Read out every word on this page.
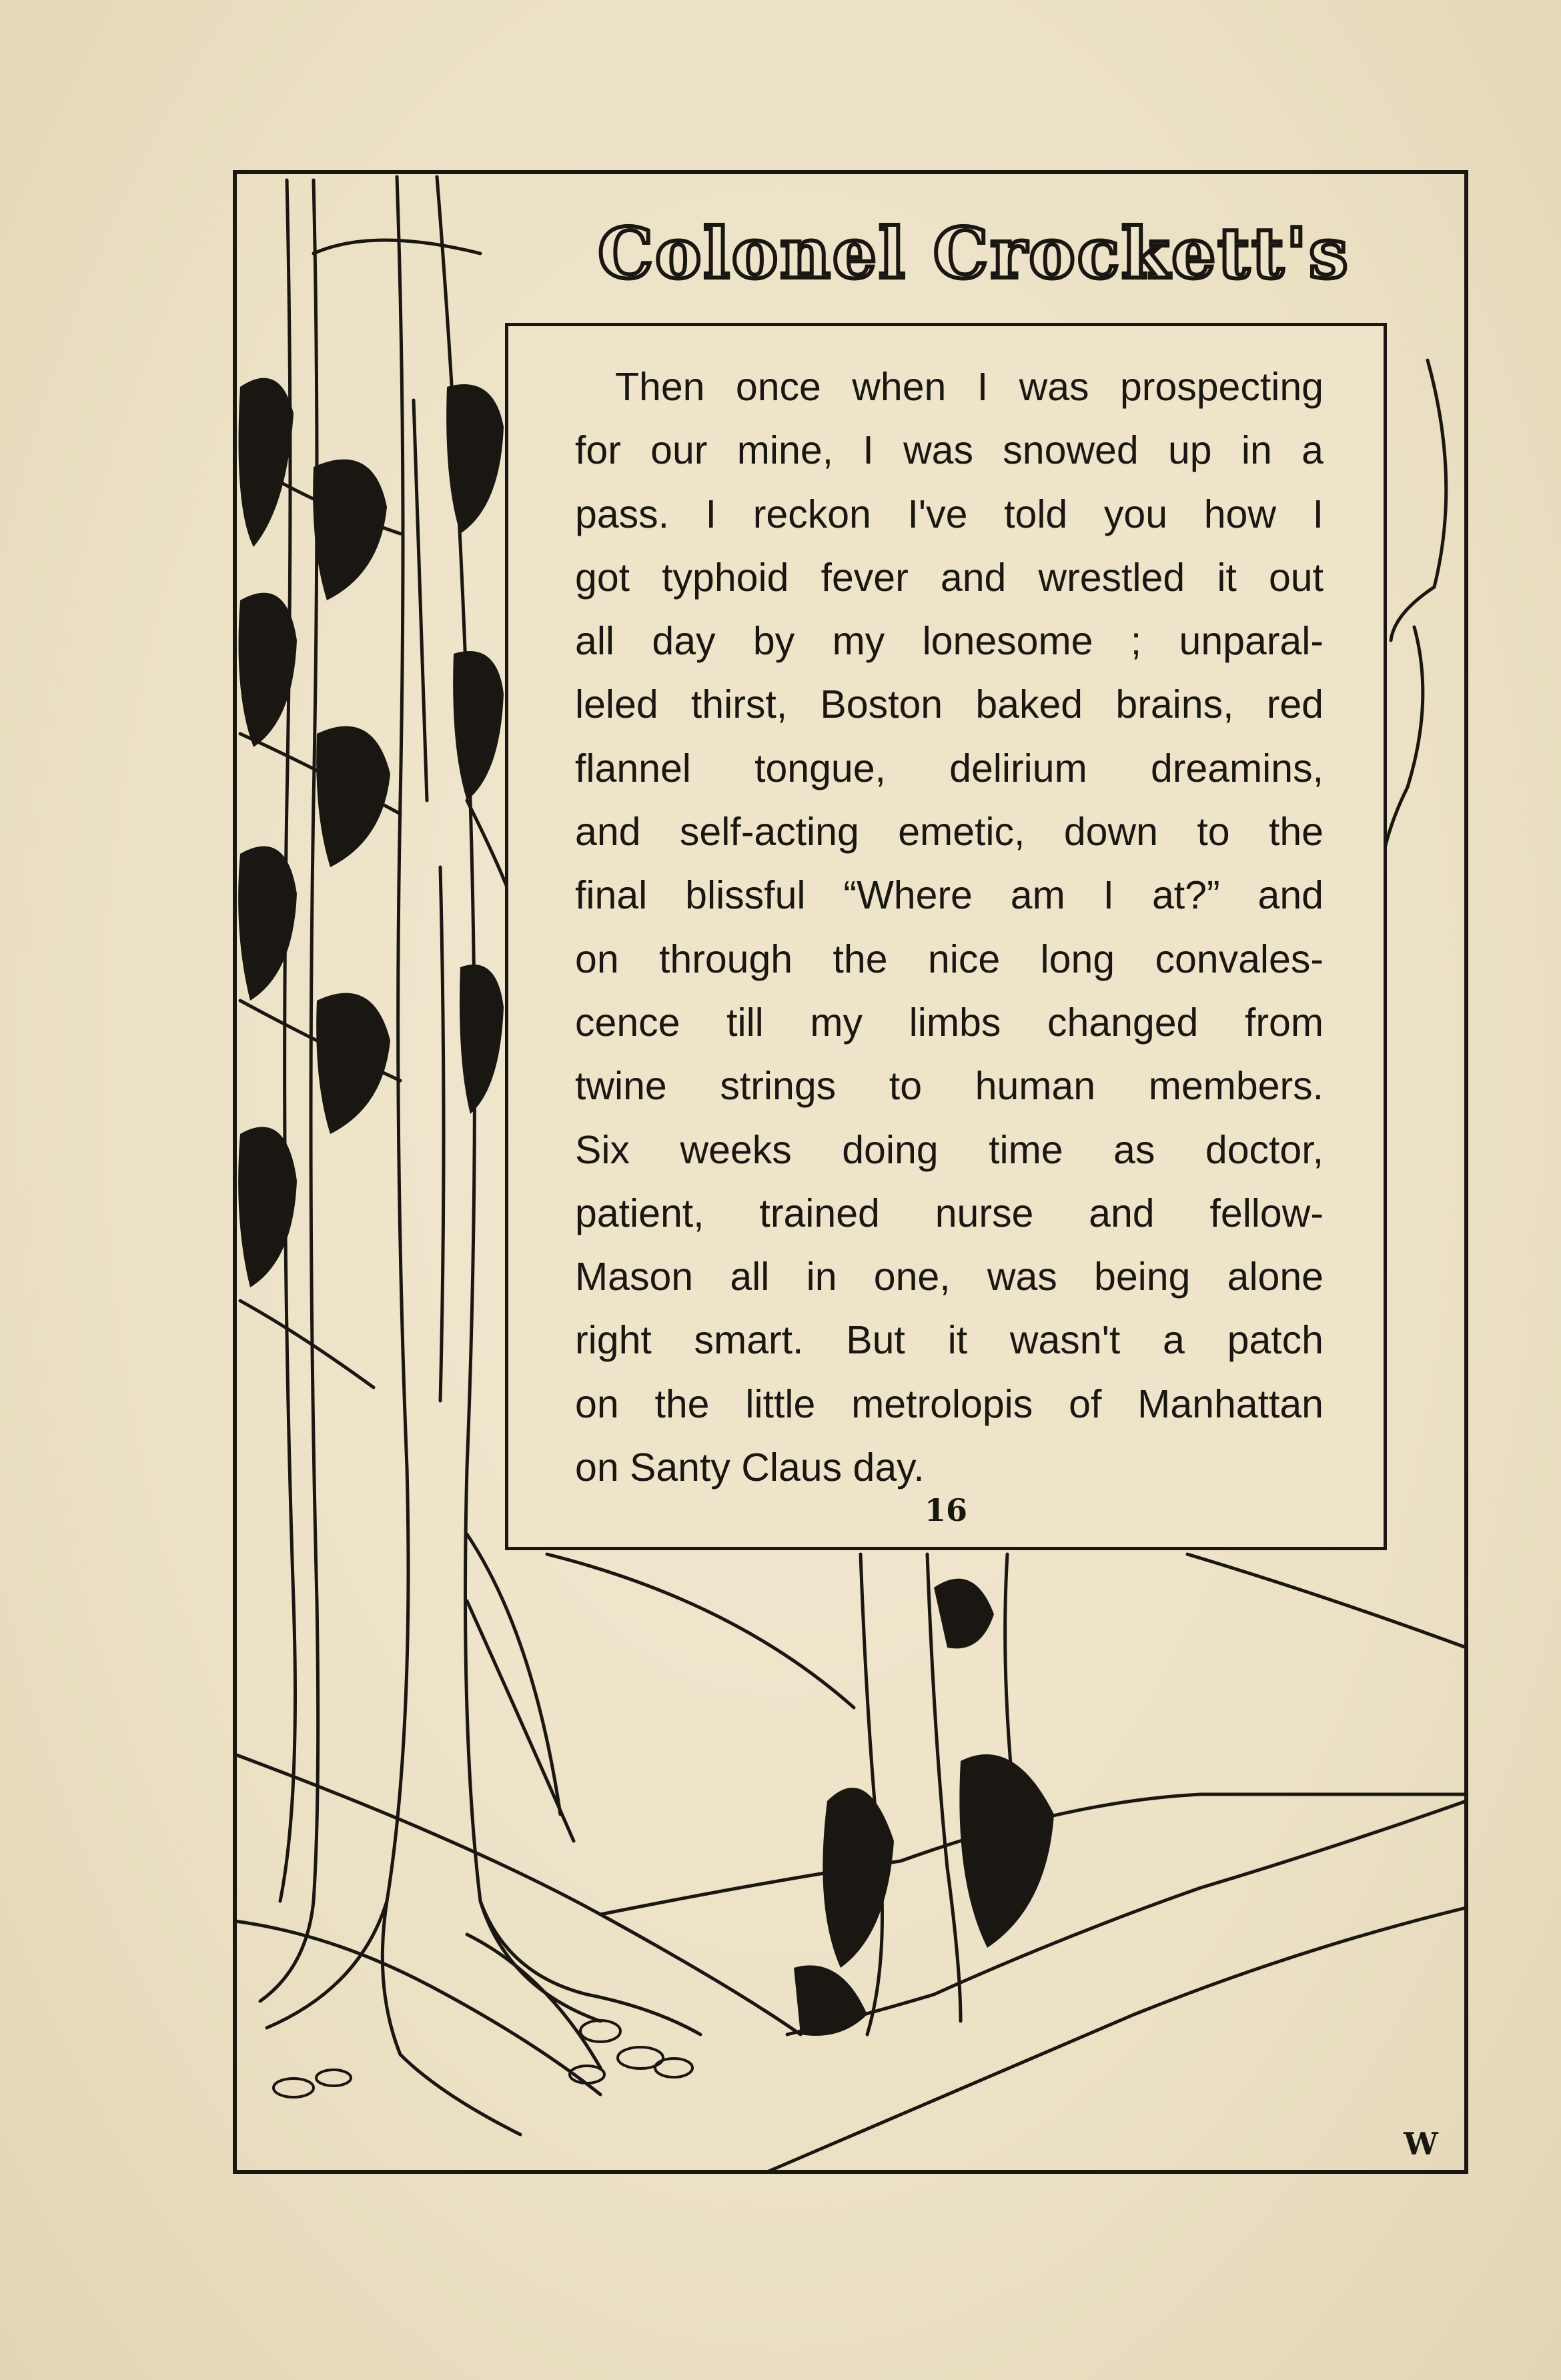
Colonel Crockett's
Then once when I was prospecting
for our mine, I was snowed up in a
pass. I reckon I've told you how I
got typhoid fever and wrestled it out
all day by my lonesome ; unparal-
leled thirst, Boston baked brains, red
flannel tongue, delirium dreamins,
and self-acting emetic, down to the
final blissful “Where am I at?” and
on through the nice long convales-
cence till my limbs changed from
twine strings to human members.
Six weeks doing time as doctor,
patient, trained nurse and fellow-
Mason all in one, was being alone
right smart. But it wasn't a patch
on the little metrolopis of Manhattan
on Santy Claus day.
16
W
